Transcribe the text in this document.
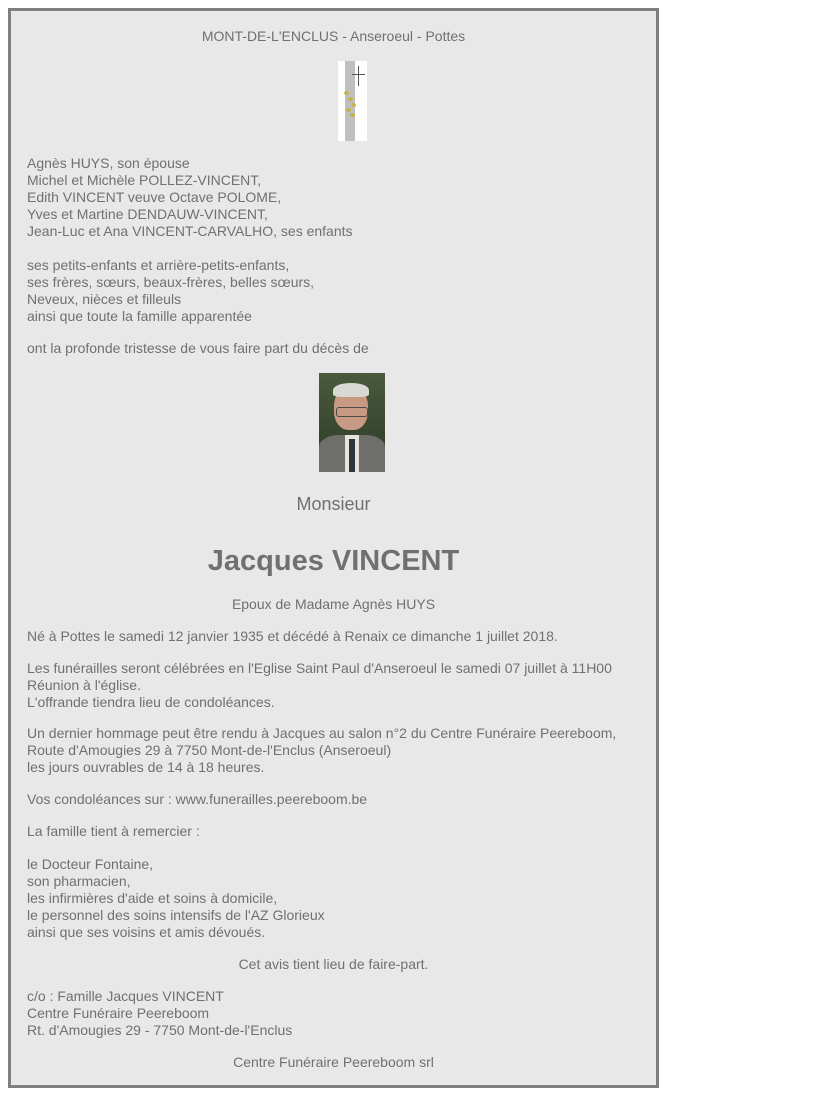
MONT-DE-L'ENCLUS - Anseroeul - Pottes
Agnès HUYS, son épouse
Michel et Michèle POLLEZ-VINCENT,
Edith VINCENT veuve Octave POLOME,
Yves et Martine DENDAUW-VINCENT,
Jean-Luc et Ana VINCENT-CARVALHO, ses enfants
ses petits-enfants et arrière-petits-enfants,
ses frères, sœurs, beaux-frères, belles sœurs,
Neveux, nièces et filleuls
ainsi que toute la famille apparentée
ont la profonde tristesse de vous faire part du décès de
Monsieur
Jacques VINCENT
Epoux de Madame Agnès HUYS
Né à Pottes le samedi 12 janvier 1935 et décédé à Renaix ce dimanche 1 juillet 2018.
Les funérailles seront célébrées en l'Eglise Saint Paul d'Anseroeul le samedi 07 juillet à 11H00
Réunion à l'église.
L'offrande tiendra lieu de condoléances.
Un dernier hommage peut être rendu à Jacques au salon n°2 du Centre Funéraire Peereboom,
Route d'Amougies 29 à 7750 Mont-de-l'Enclus (Anseroeul)
les jours ouvrables de 14 à 18 heures.
Vos condoléances sur : www.funerailles.peereboom.be
La famille tient à remercier :
le Docteur Fontaine,
son pharmacien,
les infirmières d'aide et soins à domicile,
le personnel des soins intensifs de l'AZ Glorieux
ainsi que ses voisins et amis dévoués.
Cet avis tient lieu de faire-part.
c/o : Famille Jacques VINCENT
Centre Funéraire Peereboom
Rt. d'Amougies 29 - 7750 Mont-de-l'Enclus
Centre Funéraire Peereboom srl
